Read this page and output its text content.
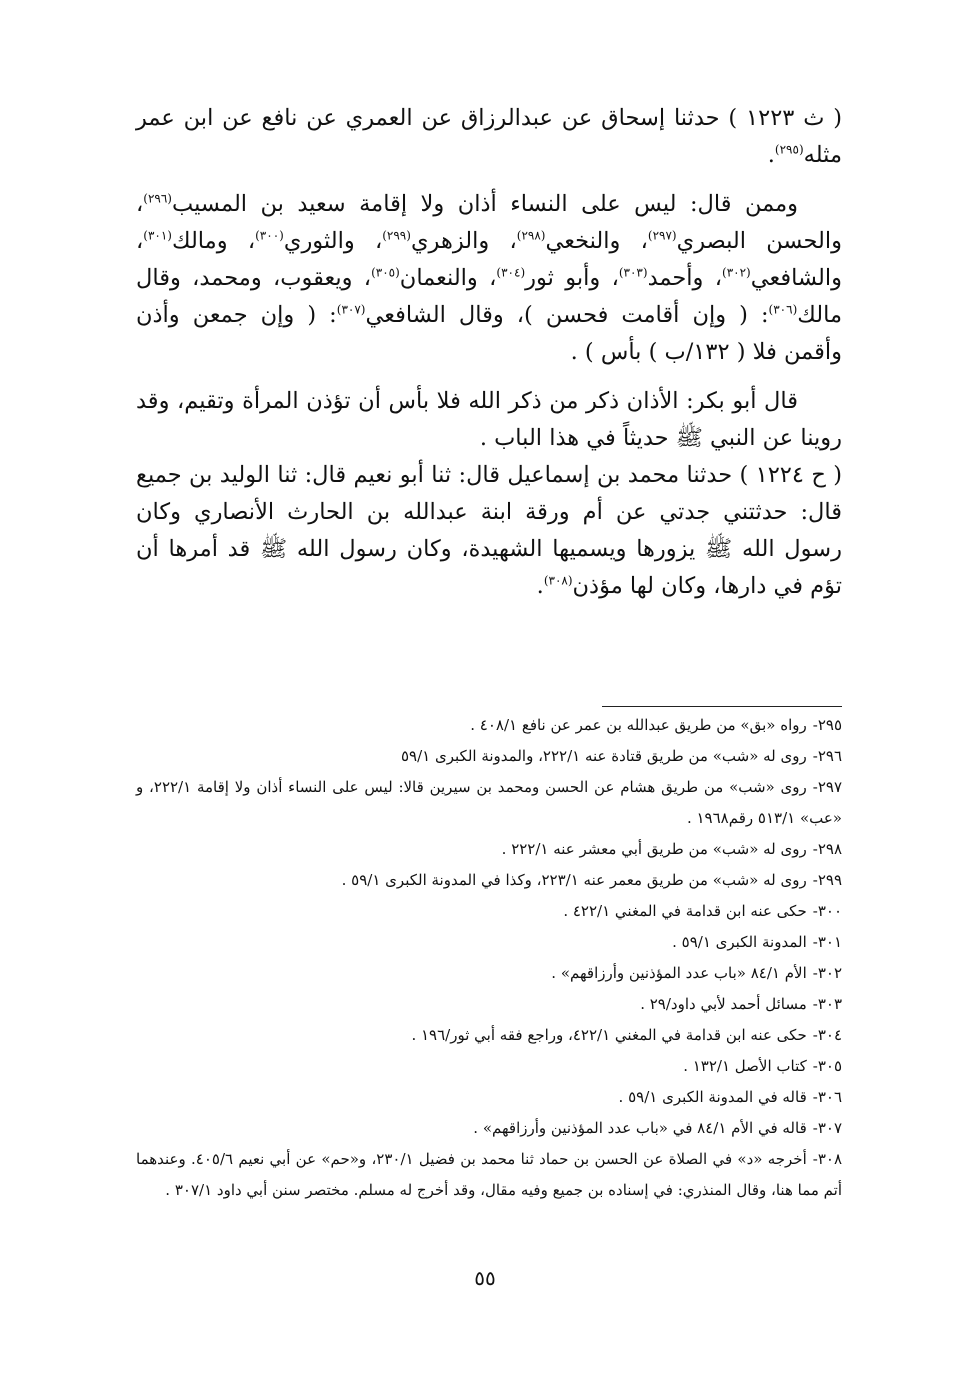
( ث ١٢٢٣ ) حدثنا إسحاق عن عبدالرزاق عن العمري عن نافع عن ابن عمر مثله$^{(٢٩٥)}$.

وممن قال: ليس على النساء أذان ولا إقامة سعيد بن المسيب$^{(٢٩٦)}$، والحسن البصري$^{(٢٩٧)}$، والنخعي$^{(٢٩٨)}$، والزهري$^{(٢٩٩)}$، والثوري$^{(٣٠٠)}$، ومالك$^{(٣٠١)}$، والشافعي$^{(٣٠٢)}$، وأحمد$^{(٣٠٣)}$، وأبو ثور$^{(٣٠٤)}$، والنعمان$^{(٣٠٥)}$، ويعقوب، ومحمد، وقال مالك$^{(٣٠٦)}$: ( وإن أقامت فحسن )، وقال الشافعي$^{(٣٠٧)}$: ( وإن جمعن وأذن وأقمن فلا ( ١٣٢/ب ) بأس ) .

قال أبو بكر: الأذان ذكر من ذكر الله فلا بأس أن تؤذن المرأة وتقيم، وقد روينا عن النبي ﷺ حديثاً في هذا الباب .

( ح ١٢٢٤ ) حدثنا محمد بن إسماعيل قال: ثنا أبو نعيم قال: ثنا الوليد بن جميع قال: حدثتني جدتي عن أم ورقة ابنة عبدالله بن الحارث الأنصاري وكان رسول الله ﷺ يزورها ويسميها الشهيدة، وكان رسول الله ﷺ قد أمرها أن تؤم في دارها، وكان لها مؤذن$^{(٣٠٨)}$.

٢٩٥-رواه «بق» من طريق عبدالله بن عمر عن نافع ٤٠٨/١ .
٢٩٦-روى له «شب» من طريق قتادة عنه ٢٢٢/١، والمدونة الكبرى ٥٩/١
٢٩٧-روى «شب» من طريق هشام عن الحسن ومحمد بن سيرين قالا: ليس على النساء أذان ولا إقامة ٢٢٢/١، و «عب» ٥١٣/١ رقم١٩٦٨ .
٢٩٨-روى له «شب» من طريق أبي معشر عنه ٢٢٢/١ .
٢٩٩-روى له «شب» من طريق معمر عنه ٢٢٣/١، وكذا في المدونة الكبرى ٥٩/١ .
٣٠٠-حكى عنه ابن قدامة في المغني ٤٢٢/١ .
٣٠١-المدونة الكبرى ٥٩/١ .
٣٠٢-الأم ٨٤/١ «باب عدد المؤذنين وأرزاقهم» .
٣٠٣-مسائل أحمد لأبي داود/٢٩ .
٣٠٤-حكى عنه ابن قدامة في المغني ٤٢٢/١، وراجع فقه أبي ثور/١٩٦ .
٣٠٥-كتاب الأصل ١٣٢/١ .
٣٠٦-قاله في المدونة الكبرى ٥٩/١ .
٣٠٧-قاله في الأم ٨٤/١ في «باب عدد المؤذنين وأرزاقهم» .
٣٠٨-أخرجه «د» في الصلاة عن الحسن بن حماد ثنا محمد بن فضيل ٢٣٠/١، و«حم» عن أبي نعيم ٤٠٥/٦. وعندهما أتم مما هنا، وقال المنذري: في إسناده بن جميع وفيه مقال، وقد أخرج له مسلم. مختصر سنن أبي داود ٣٠٧/١ .
٥٥
